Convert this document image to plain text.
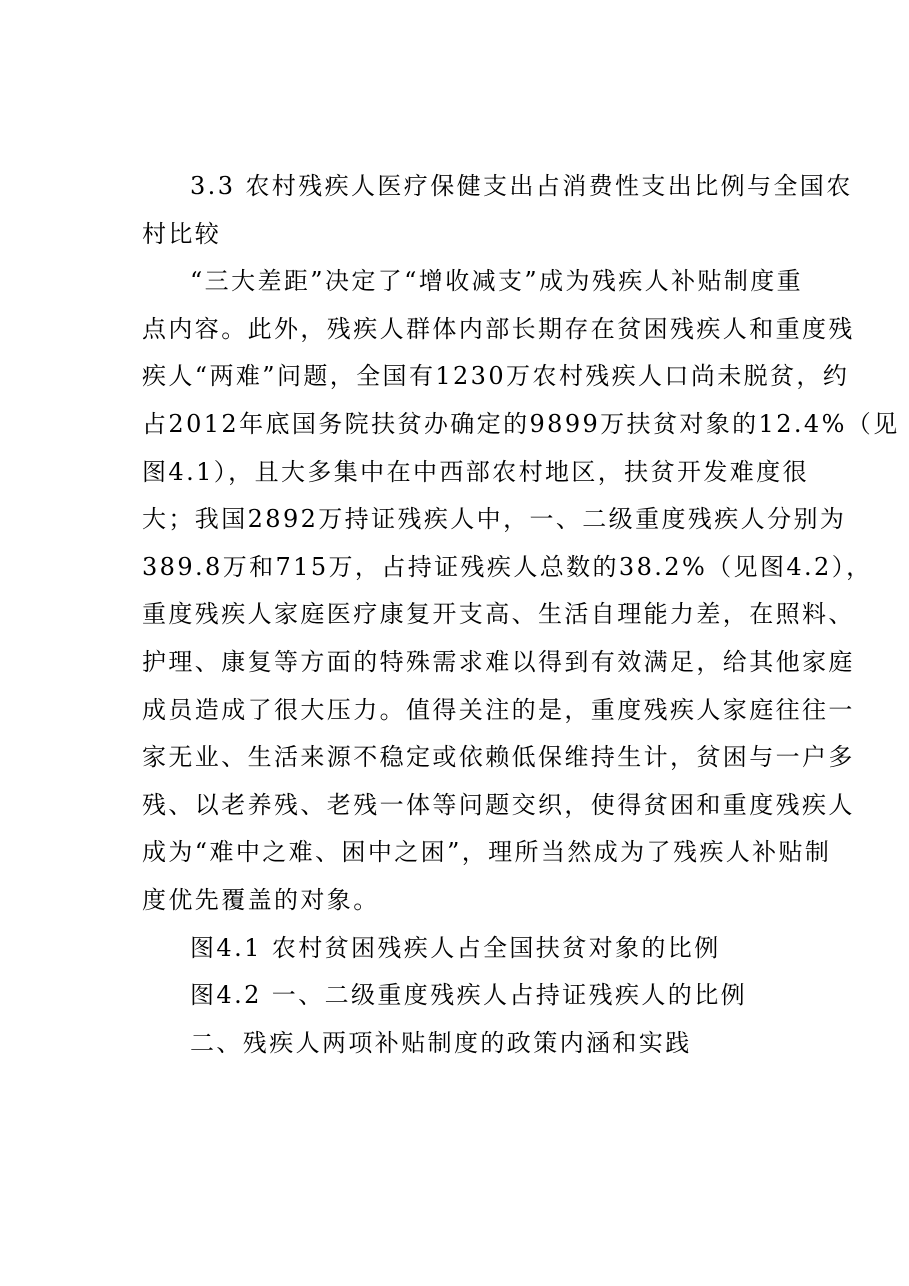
3.3 农村残疾人医疗保健支出占消费性支出比例与全国农
村比较

“三大差距”决定了“增收减支”成为残疾人补贴制度重
点内容。此外，残疾人群体内部长期存在贫困残疾人和重度残
疾人“两难”问题，全国有1230万农村残疾人口尚未脱贫，约
占2012年底国务院扶贫办确定的9899万扶贫对象的12.4%（见
图4.1），且大多集中在中西部农村地区，扶贫开发难度很
大；我国2892万持证残疾人中，一、二级重度残疾人分别为
389.8万和715万，占持证残疾人总数的38.2%（见图4.2），
重度残疾人家庭医疗康复开支高、生活自理能力差，在照料、
护理、康复等方面的特殊需求难以得到有效满足，给其他家庭
成员造成了很大压力。值得关注的是，重度残疾人家庭往往一
家无业、生活来源不稳定或依赖低保维持生计，贫困与一户多
残、以老养残、老残一体等问题交织，使得贫困和重度残疾人
成为“难中之难、困中之困”，理所当然成为了残疾人补贴制
度优先覆盖的对象。

图4.1 农村贫困残疾人占全国扶贫对象的比例

图4.2 一、二级重度残疾人占持证残疾人的比例

二、残疾人两项补贴制度的政策内涵和实践
